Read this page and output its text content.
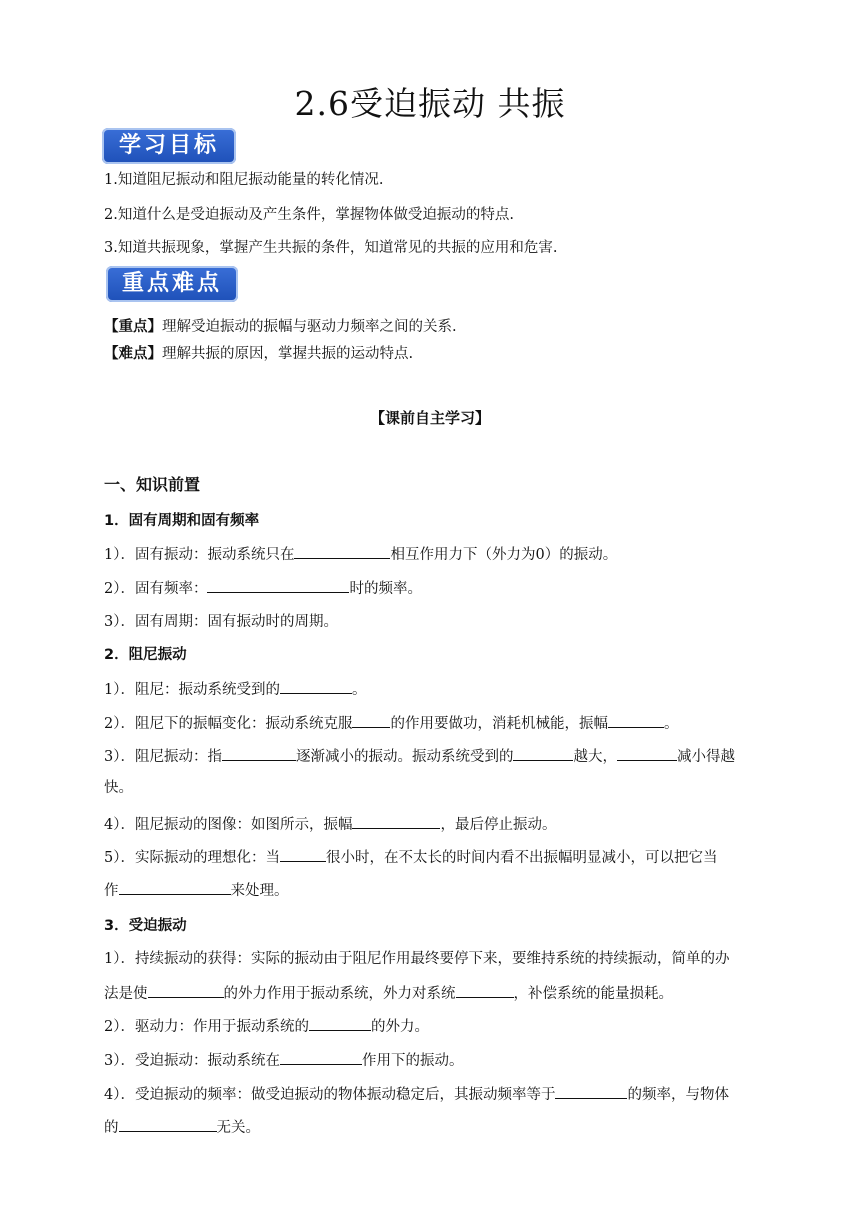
2.6受迫振动 共振
学习目标
1.知道阻尼振动和阻尼振动能量的转化情况.
2.知道什么是受迫振动及产生条件，掌握物体做受迫振动的特点.
3.知道共振现象，掌握产生共振的条件，知道常见的共振的应用和危害.
重点难点
【重点】理解受迫振动的振幅与驱动力频率之间的关系.
【难点】理解共振的原因，掌握共振的运动特点.
【课前自主学习】
一、知识前置
1．固有周期和固有频率
1）．固有振动：振动系统只在	相互作用力下（外力为0）的振动。
2）．固有频率：	时的频率。
3）．固有周期：固有振动时的周期。
2．阻尼振动
1）．阻尼：振动系统受到的	。
2）．阻尼下的振幅变化：振动系统克服	的作用要做功，消耗机械能，振幅	。
3）．阻尼振动：指	逐渐减小的振动。振动系统受到的	越大，	减小得越
快。
4）．阻尼振动的图像：如图所示，振幅	，最后停止振动。
5）．实际振动的理想化：当	很小时，在不太长的时间内看不出振幅明显减小，可以把它当
作	来处理。
3．受迫振动
1）．持续振动的获得：实际的振动由于阻尼作用最终要停下来，要维持系统的持续振动，简单的办
法是使	的外力作用于振动系统，外力对系统	，补偿系统的能量损耗。
2）．驱动力：作用于振动系统的	的外力。
3）．受迫振动：振动系统在	作用下的振动。
4）．受迫振动的频率：做受迫振动的物体振动稳定后，其振动频率等于	的频率，与物体
的	无关。
